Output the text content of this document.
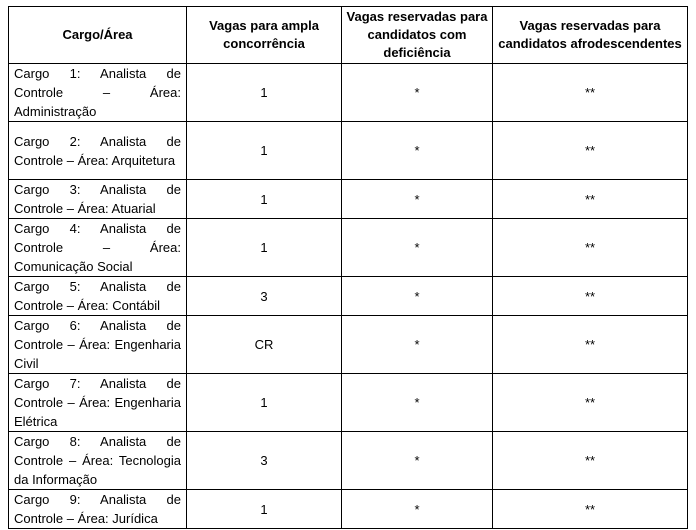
Cargo/Área	Vagas para ampla concorrência	Vagas reservadas para candidatos com deficiência	Vagas reservadas para candidatos afrodescendentes
Cargo 1: Analista de Controle – Área: Administração	1	*	**
Cargo 2: Analista de Controle – Área: Arquitetura	1	*	**
Cargo 3: Analista de Controle – Área: Atuarial	1	*	**
Cargo 4: Analista de Controle – Área: Comunicação Social	1	*	**
Cargo 5: Analista de Controle – Área: Contábil	3	*	**
Cargo 6: Analista de Controle – Área: Engenharia Civil	CR	*	**
Cargo 7: Analista de Controle – Área: Engenharia Elétrica	1	*	**
Cargo 8: Analista de Controle – Área: Tecnologia da Informação	3	*	**
Cargo 9: Analista de Controle – Área: Jurídica	1	*	**
